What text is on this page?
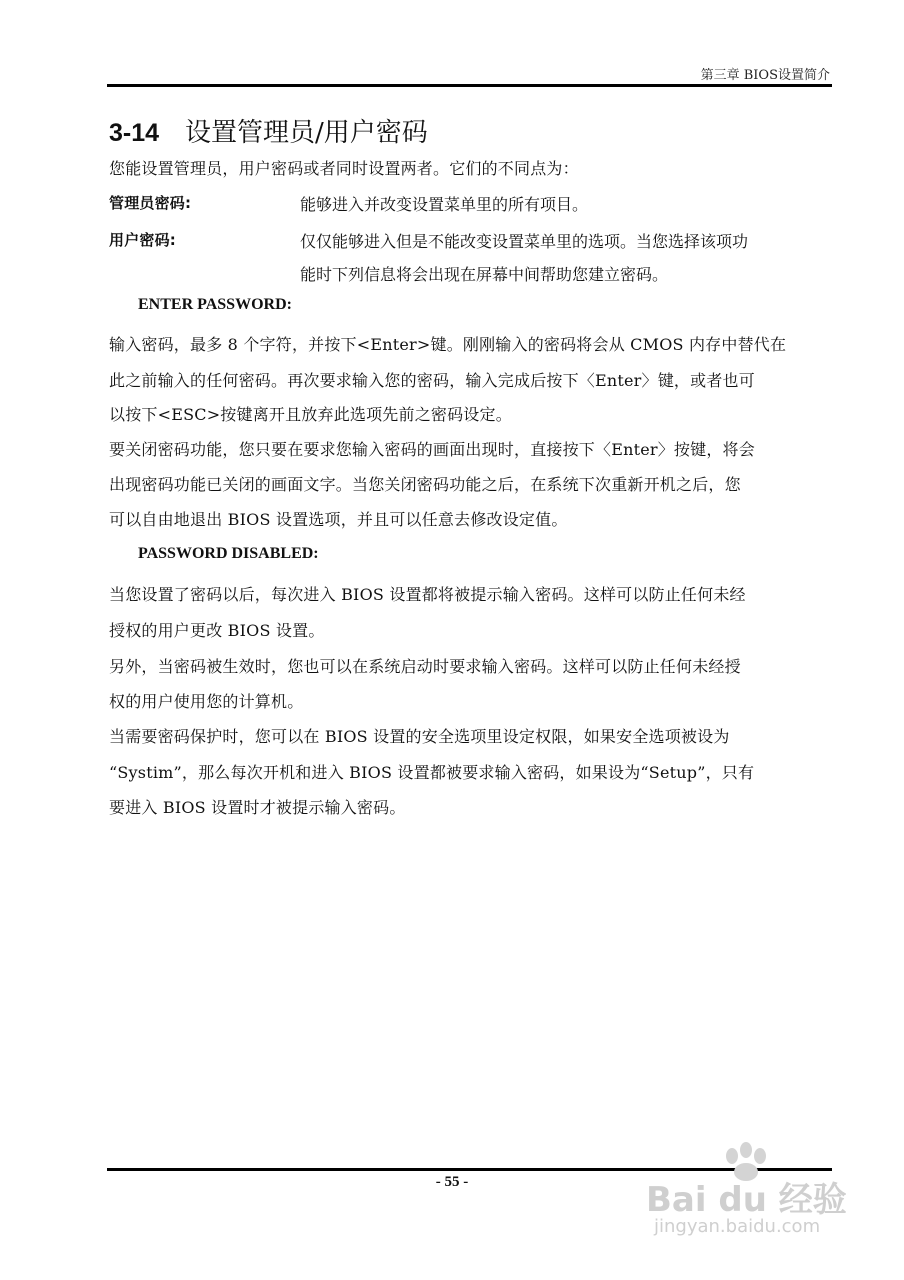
第三章 BIOS设置简介
3-14 设置管理员/用户密码
您能设置管理员，用户密码或者同时设置两者。它们的不同点为：
管理员密码:	能够进入并改变设置菜单里的所有项目。
用户密码:	仅仅能够进入但是不能改变设置菜单里的选项。当您选择该项功
能时下列信息将会出现在屏幕中间帮助您建立密码。
ENTER PASSWORD:
输入密码，最多 8 个字符，并按下<Enter>键。刚刚输入的密码将会从 CMOS 内存中替代在
此之前输入的任何密码。再次要求输入您的密码，输入完成后按下〈Enter〉键，或者也可
以按下<ESC>按键离开且放弃此选项先前之密码设定。
要关闭密码功能，您只要在要求您输入密码的画面出现时，直接按下〈Enter〉按键，将会
出现密码功能已关闭的画面文字。当您关闭密码功能之后，在系统下次重新开机之后，您
可以自由地退出 BIOS 设置选项，并且可以任意去修改设定值。
PASSWORD DISABLED:
当您设置了密码以后，每次进入 BIOS 设置都将被提示输入密码。这样可以防止任何未经
授权的用户更改 BIOS 设置。
另外，当密码被生效时，您也可以在系统启动时要求输入密码。这样可以防止任何未经授
权的用户使用您的计算机。
当需要密码保护时，您可以在 BIOS 设置的安全选项里设定权限，如果安全选项被设为
“Systim”，那么每次开机和进入 BIOS 设置都被要求输入密码，如果设为“Setup”，只有
要进入 BIOS 设置时才被提示输入密码。
- 55 -	Bai du 经验
jingyan.baidu.com
